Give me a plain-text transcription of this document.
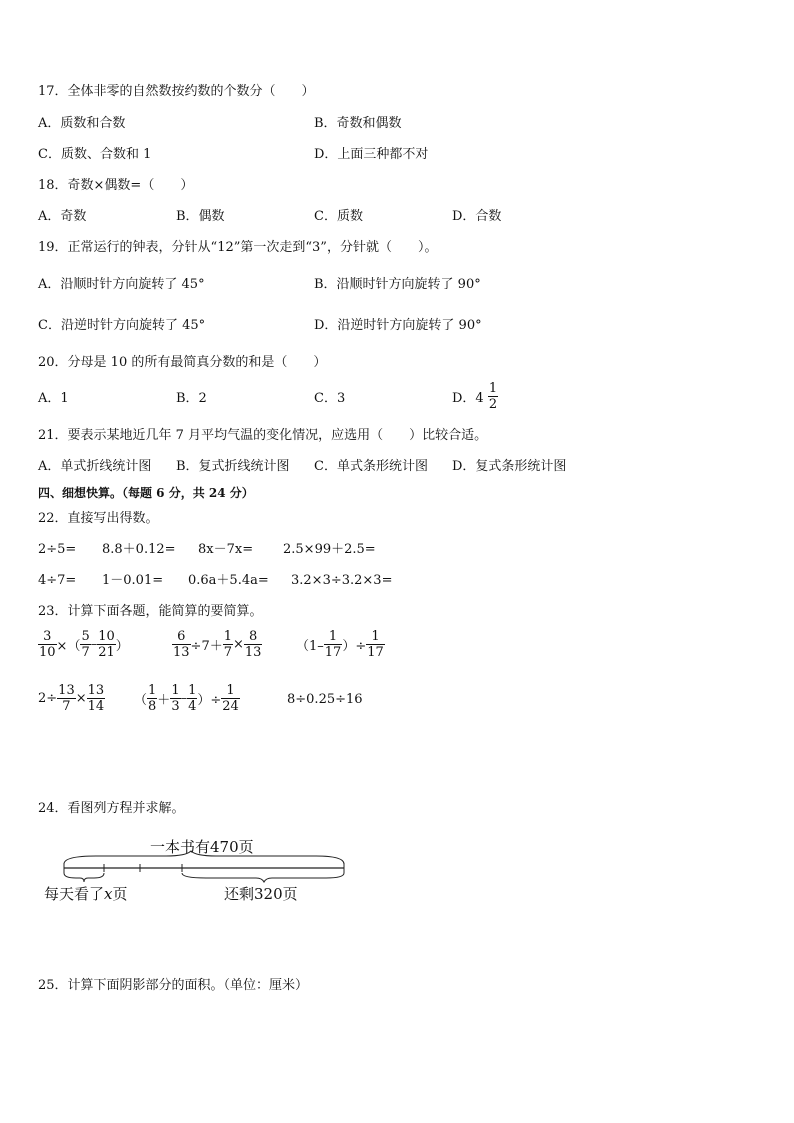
17．全体非零的自然数按约数的个数分（　　）
A．质数和合数	B．奇数和偶数
C．质数、合数和 1	D．上面三种都不对
18．奇数×偶数=（　　）
A．奇数	B．偶数	C．质数	D．合数
19．正常运行的钟表，分针从“12”第一次走到“3”，分针就（　　）。
A．沿顺时针方向旋转了 45°	B．沿顺时针方向旋转了 90°
C．沿逆时针方向旋转了 45°	D．沿逆时针方向旋转了 90°
20．分母是 10 的所有最简真分数的和是（　　）
A．1	B．2	C．3	D．$4 \frac{1}{2}$
21．要表示某地近几年 7 月平均气温的变化情况，应选用（　　）比较合适。
A．单式折线统计图 B．复式折线统计图 C．单式条形统计图 D．复式条形统计图
四、细想快算。（每题 6 分，共 24 分）
22．直接写出得数。
2÷5= 8.8＋0.12= 8x－7x= 2.5×99＋2.5=
4÷7= 1－0.01= 0.6a＋5.4a= 3.2×3÷3.2×3=
23．计算下面各题，能简算的要简算。
$\frac{3}{10}$ ×（ $\frac{5}{7} - \frac{10}{21}$ ）	$\frac{6}{13} \div 7+ \frac{1}{7} \times \frac{8}{13}$	（$1- \frac{1}{17}$ ）÷ $\frac{1}{17}$
$2\div \frac{13}{7} \times \frac{13}{14}$ （ $\frac{1}{8} + \frac{1}{3} - \frac{1}{4}$ ）÷ $\frac{1}{24}$	8÷0.25÷16
24．看图列方程并求解。
一本书有470页
每天看了x页	还剩320页
25．计算下面阴影部分的面积。（单位：厘米）
